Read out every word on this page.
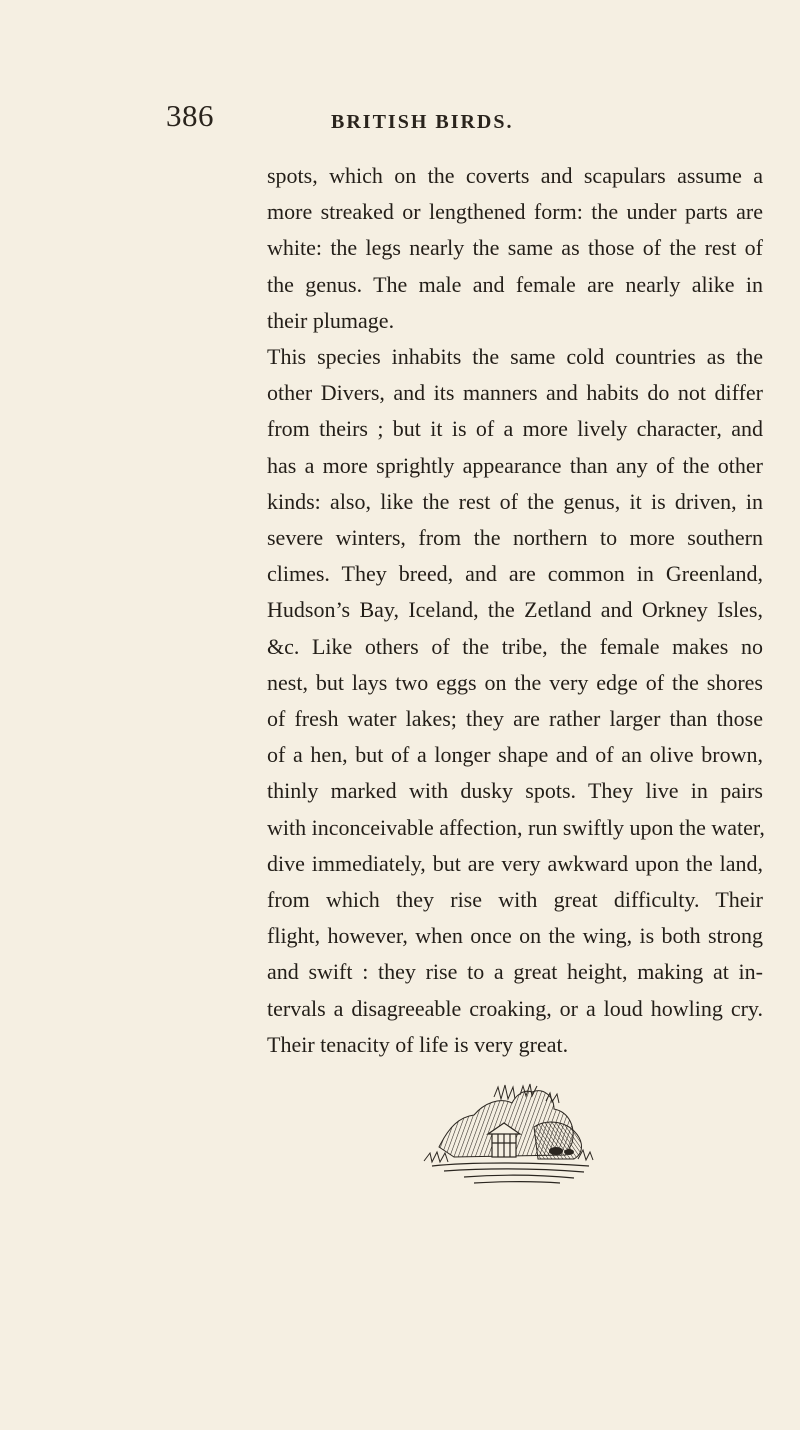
386	BRITISH BIRDS.
spots, which on the coverts and scapulars assume a
more streaked or lengthened form: the under parts are
white: the legs nearly the same as those of the rest of
the genus. The male and female are nearly alike in
their plumage.
This species inhabits the same cold countries as the
other Divers, and its manners and habits do not differ
from theirs ; but it is of a more lively character, and
has a more sprightly appearance than any of the other
kinds: also, like the rest of the genus, it is driven, in
severe winters, from the northern to more southern
climes. They breed, and are common in Greenland,
Hudson’s Bay, Iceland, the Zetland and Orkney Isles,
&c. Like others of the tribe, the female makes no
nest, but lays two eggs on the very edge of the shores
of fresh water lakes; they are rather larger than those
of a hen, but of a longer shape and of an olive brown,
thinly marked with dusky spots. They live in pairs
with inconceivable affection, run swiftly upon the water,
dive immediately, but are very awkward upon the land,
from which they rise with great difficulty. Their
flight, however, when once on the wing, is both strong
and swift : they rise to a great height, making at in-
tervals a disagreeable croaking, or a loud howling cry.
Their tenacity of life is very great.
